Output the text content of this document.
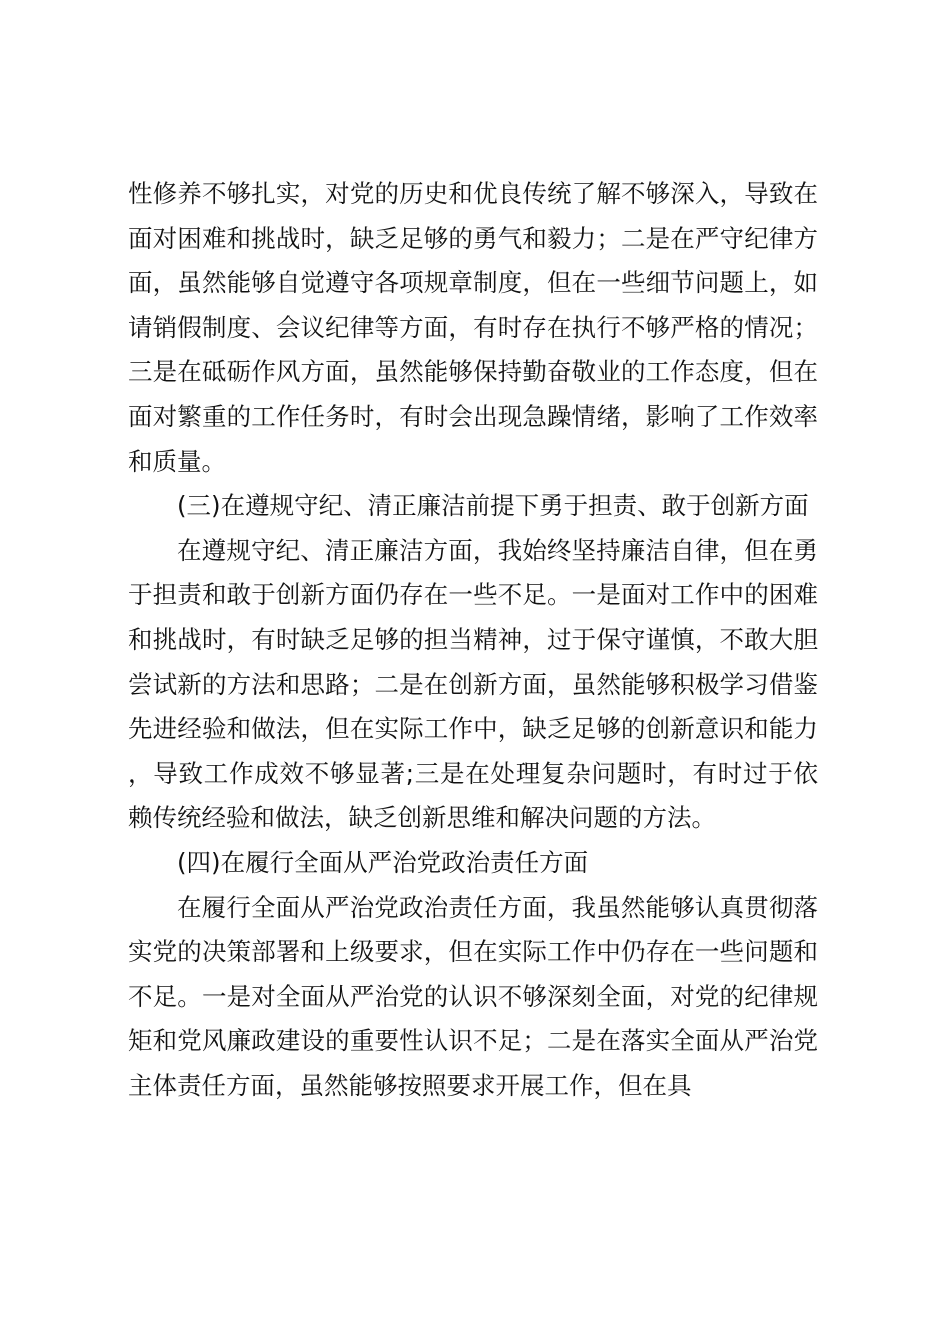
性修养不够扎实，对党的历史和优良传统了解不够深入，导致在面对困难和挑战时，缺乏足够的勇气和毅力；二是在严守纪律方面，虽然能够自觉遵守各项规章制度，但在一些细节问题上，如请销假制度、会议纪律等方面，有时存在执行不够严格的情况；三是在砥砺作风方面，虽然能够保持勤奋敬业的工作态度，但在面对繁重的工作任务时，有时会出现急躁情绪，影响了工作效率和质量。

(三)在遵规守纪、清正廉洁前提下勇于担责、敢于创新方面

在遵规守纪、清正廉洁方面，我始终坚持廉洁自律，但在勇于担责和敢于创新方面仍存在一些不足。一是面对工作中的困难和挑战时，有时缺乏足够的担当精神，过于保守谨慎，不敢大胆尝试新的方法和思路；二是在创新方面，虽然能够积极学习借鉴先进经验和做法，但在实际工作中，缺乏足够的创新意识和能力，导致工作成效不够显著;三是在处理复杂问题时，有时过于依赖传统经验和做法，缺乏创新思维和解决问题的方法。

(四)在履行全面从严治党政治责任方面

在履行全面从严治党政治责任方面，我虽然能够认真贯彻落实党的决策部署和上级要求，但在实际工作中仍存在一些问题和不足。一是对全面从严治党的认识不够深刻全面，对党的纪律规矩和党风廉政建设的重要性认识不足；二是在落实全面从严治党主体责任方面，虽然能够按照要求开展工作，但在具
